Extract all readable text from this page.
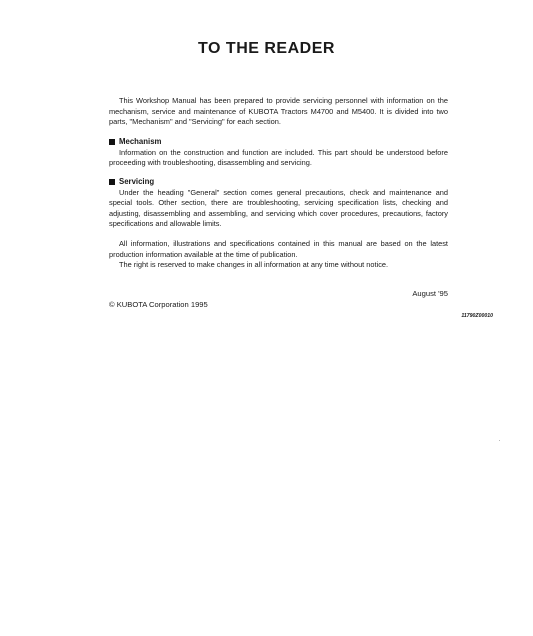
TO THE READER

This Workshop Manual has been prepared to provide servicing personnel with information on the mechanism, service and maintenance of KUBOTA Tractors M4700 and M5400. It is divided into two parts, "Mechanism" and "Servicing" for each section.

Mechanism

Information on the construction and function are included. This part should be understood before proceeding with troubleshooting, disassembling and servicing.

Servicing

Under the heading "General" section comes general precautions, check and maintenance and special tools. Other section, there are troubleshooting, servicing specification lists, checking and adjusting, disassembling and assembling, and servicing which cover procedures, precautions, factory specifications and allowable limits.

All information, illustrations and specifications contained in this manual are based on the latest production information available at the time of publication.

The right is reserved to make changes in all information at any time without notice.

August '95
© KUBOTA Corporation 1995
11790Z00010
